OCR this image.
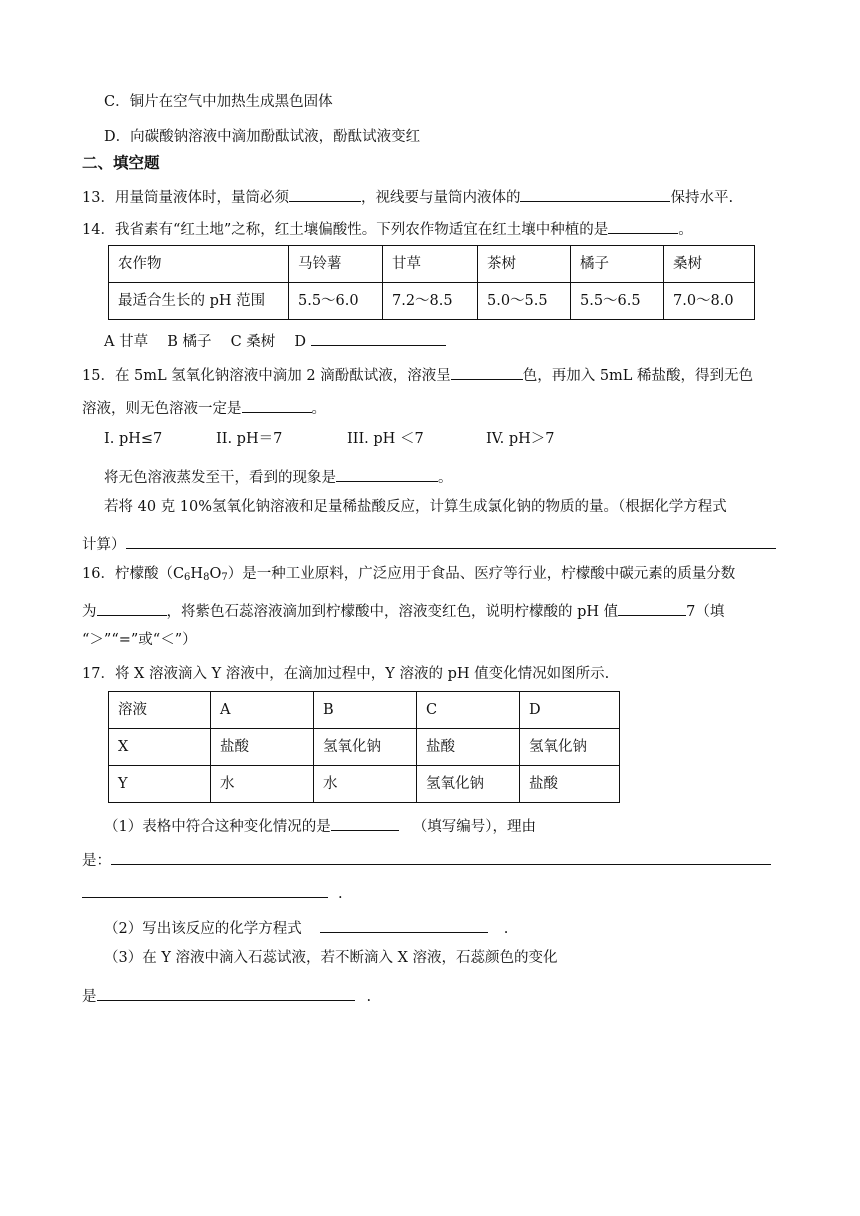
C．铜片在空气中加热生成黑色固体
D．向碳酸钠溶液中滴加酚酞试液，酚酞试液变红
二、填空题
13．用量筒量液体时，量筒必须	，视线要与量筒内液体的	保持水平.
14．我省素有“红土地”之称，红土壤偏酸性。下列农作物适宜在红土壤中种植的是	。
农作物	马铃薯	甘草	茶树	橘子	桑树
最适合生长的 pH 范围	5.5～6.0	7.2～8.5	5.0～5.5	5.5～6.5	7.0～8.0
A 甘草　 B 橘子　 C 桑树　 D
15．在 5mL 氢氧化钠溶液中滴加 2 滴酚酞试液，溶液呈	色，再加入 5mL 稀盐酸，得到无色
溶液，则无色溶液一定是	。
I. pH≤7	II. pH＝7	III. pH ＜7	IV. pH＞7
将无色溶液蒸发至干，看到的现象是	。
若将 40 克 10%氢氧化钠溶液和足量稀盐酸反应，计算生成氯化钠的物质的量。（根据化学方程式
计算）
16．柠檬酸$(C_6H_8O_7)$是一种工业原料，广泛应用于食品、医疗等行业，柠檬酸中碳元素的质量分数
为	，将紫色石蕊溶液滴加到柠檬酸中，溶液变红色，说明柠檬酸的 pH 值	7（填
“＞”“=”或“＜”）
17．将 X 溶液滴入 Y 溶液中，在滴加过程中，Y 溶液的 pH 值变化情况如图所示.
溶液	A	B	C	D
X	盐酸	氢氧化钠	盐酸	氢氧化钠
Y	水	水	氢氧化钠	盐酸
（1）表格中符合这种变化情况的是	（填写编号），理由
是：
.
（2）写出该反应的化学方程式	.
（3）在 Y 溶液中滴入石蕊试液，若不断滴入 X 溶液，石蕊颜色的变化
是	.
